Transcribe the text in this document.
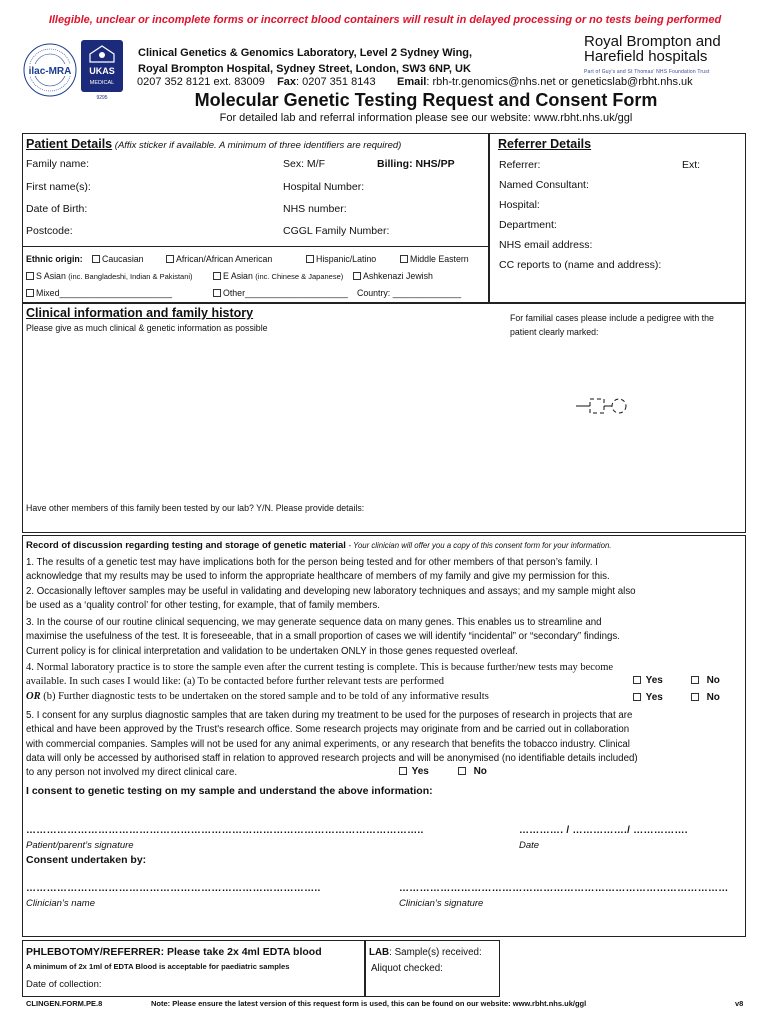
Illegible, unclear or incomplete forms or incorrect blood containers will result in delayed processing or no tests being performed
ilac-MRA UKAS
MEDICAL
9295
Clinical Genetics & Genomics Laboratory, Level 2 Sydney Wing,
Royal Brompton Hospital, Sydney Street, London, SW3 6NP, UK
0207 352 8121 ext. 83009 Fax: 0207 351 8143 Email: rbh-tr.genomics@nhs.net or geneticslab@rbht.nhs.uk
Royal Brompton and
Harefield hospitals
Part of Guy's and St Thomas' NHS Foundation Trust
Molecular Genetic Testing Request and Consent Form
For detailed lab and referral information please see our website: www.rbht.nhs.uk/ggl
Patient Details (Affix sticker if available. A minimum of three identifiers are required)
Family name:	Sex: M/F	Billing: NHS/PP
First name(s):	Hospital Number:
Date of Birth:	NHS number:
Postcode:	CGGL Family Number:
Ethnic origin:	Caucasian	African/African American	Hispanic/Latino	Middle Eastern
S Asian (inc. Bangladeshi, Indian & Pakistani)	E Asian (inc. Chinese & Japanese)	Ashkenazi Jewish
Mixed_______________________	Other_____________________ Country: ______________
Referrer Details
Referrer:	Ext:
Named Consultant:
Hospital:
Department:
NHS email address:
CC reports to (name and address):
Clinical information and family history
Please give as much clinical & genetic information as possible
For familial cases please include a pedigree with the
patient clearly marked:
Have other members of this family been tested by our lab? Y/N. Please provide details:
Record of discussion regarding testing and storage of genetic material - Your clinician will offer you a copy of this consent form for your information.
1. The results of a genetic test may have implications both for the person being tested and for other members of that person’s family. I
acknowledge that my results may be used to inform the appropriate healthcare of members of my family and give my permission for this.
2. Occasionally leftover samples may be useful in validating and developing new laboratory techniques and assays; and my sample might also
be used as a ‘quality control’ for other testing, for example, that of family members.
3. In the course of our routine clinical sequencing, we may generate sequence data on many genes. This enables us to streamline and
maximise the usefulness of the test. It is foreseeable, that in a small proportion of cases we will identify “incidental” or “secondary” findings.
Current policy is for clinical interpretation and validation to be undertaken ONLY in those genes requested overleaf.
4. Normal laboratory practice is to store the sample even after the current testing is complete. This is because further/new tests may become
available. In such cases I would like: (a) To be contacted before further relevant tests are performed
OR (b) Further diagnostic tests to be undertaken on the stored sample and to be told of any informative results
Yes	No
Yes	No
5. I consent for any surplus diagnostic samples that are taken during my treatment to be used for the purposes of research in projects that are
ethical and have been approved by the Trust's research office. Some research projects may originate from and be carried out in collaboration
with commercial companies. Samples will not be used for any animal experiments, or any research that benefits the tobacco industry. Clinical
data will only be accessed by authorised staff in relation to approved research projects and will be anonymised (no identifiable details included)
to any person not involved my direct clinical care.	Yes	No
I consent to genetic testing on my sample and understand the above information:
……………………………………………………………………………………………………..	…………. / ……………./ …………….
Patient/parent’s signature	Date
Consent undertaken by:
…………………………………………………………………………..	……………………………………………………………………………………
Clinician’s name	Clinician’s signature
PHLEBOTOMY/REFERRER: Please take 2x 4ml EDTA blood
A minimum of 2x 1ml of EDTA Blood is acceptable for paediatric samples
Date of collection:
LAB: Sample(s) received:
Aliquot checked:
CLINGEN.FORM.PE.8	Note: Please ensure the latest version of this request form is used, this can be found on our website: www.rbht.nhs.uk/ggl	v8
